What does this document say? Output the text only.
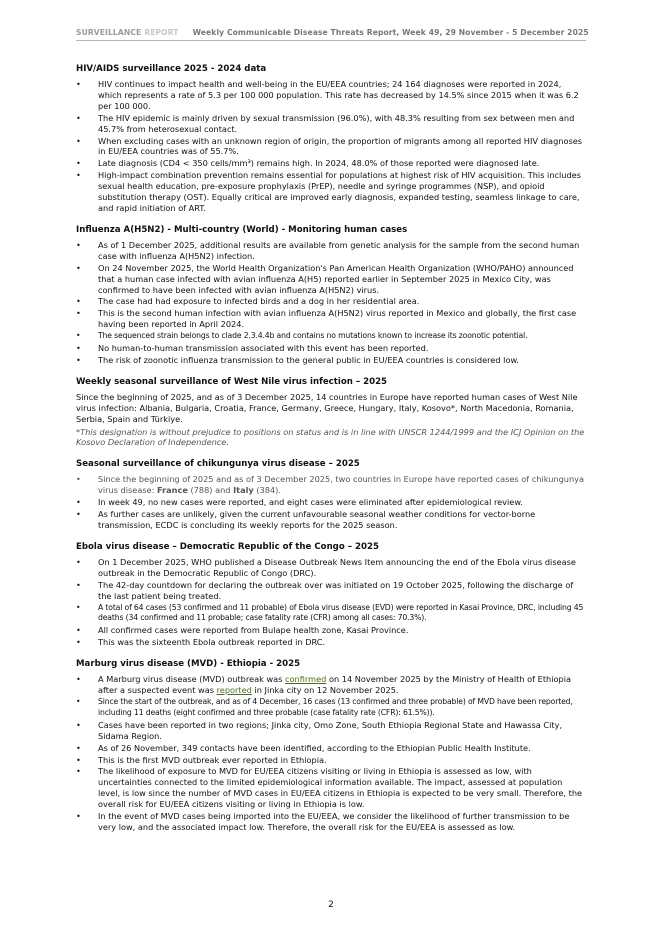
SURVEILLANCE REPORT Weekly Communicable Disease Threats Report, Week 49, 29 November - 5 December 2025
HIV/AIDS surveillance 2025 - 2024 data
• HIV continues to impact health and well-being in the EU/EEA countries; 24 164 diagnoses were reported in 2024, which represents a rate of 5.3 per 100 000 population. This rate has decreased by 14.5% since 2015 when it was 6.2 per 100 000.
• The HIV epidemic is mainly driven by sexual transmission (96.0%), with 48.3% resulting from sex between men and 45.7% from heterosexual contact.
• When excluding cases with an unknown region of origin, the proportion of migrants among all reported HIV diagnoses in EU/EEA countries was of 55.7%.
• Late diagnosis (CD4 < 350 cells/mm³) remains high. In 2024, 48.0% of those reported were diagnosed late.
• High-impact combination prevention remains essential for populations at highest risk of HIV acquisition. This includes sexual health education, pre-exposure prophylaxis (PrEP), needle and syringe programmes (NSP), and opioid substitution therapy (OST). Equally critical are improved early diagnosis, expanded testing, seamless linkage to care, and rapid initiation of ART.
Influenza A(H5N2) - Multi-country (World) - Monitoring human cases
• As of 1 December 2025, additional results are available from genetic analysis for the sample from the second human case with influenza A(H5N2) infection.
• On 24 November 2025, the World Health Organization's Pan American Health Organization (WHO/PAHO) announced that a human case infected with avian influenza A(H5) reported earlier in September 2025 in Mexico City, was confirmed to have been infected with avian influenza A(H5N2) virus.
• The case had had exposure to infected birds and a dog in her residential area.
• This is the second human infection with avian influenza A(H5N2) virus reported in Mexico and globally, the first case having been reported in April 2024.
• The sequenced strain belongs to clade 2.3.4.4b and contains no mutations known to increase its zoonotic potential.
• No human-to-human transmission associated with this event has been reported.
• The risk of zoonotic influenza transmission to the general public in EU/EEA countries is considered low.
Weekly seasonal surveillance of West Nile virus infection – 2025

Since the beginning of 2025, and as of 3 December 2025, 14 countries in Europe have reported human cases of West Nile virus infection: Albania, Bulgaria, Croatia, France, Germany, Greece, Hungary, Italy, Kosovo*, North Macedonia, Romania, Serbia, Spain and Türkiye.

*This designation is without prejudice to positions on status and is in line with UNSCR 1244/1999 and the ICJ Opinion on the Kosovo Declaration of Independence.

Seasonal surveillance of chikungunya virus disease – 2025
• Since the beginning of 2025 and as of 3 December 2025, two countries in Europe have reported cases of chikungunya virus disease: France (788) and Italy (384).
• In week 49, no new cases were reported, and eight cases were eliminated after epidemiological review.
• As further cases are unlikely, given the current unfavourable seasonal weather conditions for vector-borne transmission, ECDC is concluding its weekly reports for the 2025 season.
Ebola virus disease – Democratic Republic of the Congo – 2025
• On 1 December 2025, WHO published a Disease Outbreak News Item announcing the end of the Ebola virus disease outbreak in the Democratic Republic of Congo (DRC).
• The 42-day countdown for declaring the outbreak over was initiated on 19 October 2025, following the discharge of the last patient being treated.
• A total of 64 cases (53 confirmed and 11 probable) of Ebola virus disease (EVD) were reported in Kasai Province, DRC, including 45 deaths (34 confirmed and 11 probable; case fatality rate (CFR) among all cases: 70.3%).
• All confirmed cases were reported from Bulape health zone, Kasai Province.
• This was the sixteenth Ebola outbreak reported in DRC.
Marburg virus disease (MVD) - Ethiopia - 2025
• A Marburg virus disease (MVD) outbreak was confirmed on 14 November 2025 by the Ministry of Health of Ethiopia after a suspected event was reported in Jinka city on 12 November 2025.
• Since the start of the outbreak, and as of 4 December, 16 cases (13 confirmed and three probable) of MVD have been reported, including 11 deaths (eight confirmed and three probable (case fatality rate (CFR): 61.5%)).
• Cases have been reported in two regions; Jinka city, Omo Zone, South Ethiopia Regional State and Hawassa City, Sidama Region.
• As of 26 November, 349 contacts have been identified, according to the Ethiopian Public Health Institute.
• This is the first MVD outbreak ever reported in Ethiopia.
• The likelihood of exposure to MVD for EU/EEA citizens visiting or living in Ethiopia is assessed as low, with uncertainties connected to the limited epidemiological information available. The impact, assessed at population level, is low since the number of MVD cases in EU/EEA citizens in Ethiopia is expected to be very small. Therefore, the overall risk for EU/EEA citizens visiting or living in Ethiopia is low.
• In the event of MVD cases being imported into the EU/EEA, we consider the likelihood of further transmission to be very low, and the associated impact low. Therefore, the overall risk for the EU/EEA is assessed as low.
2
